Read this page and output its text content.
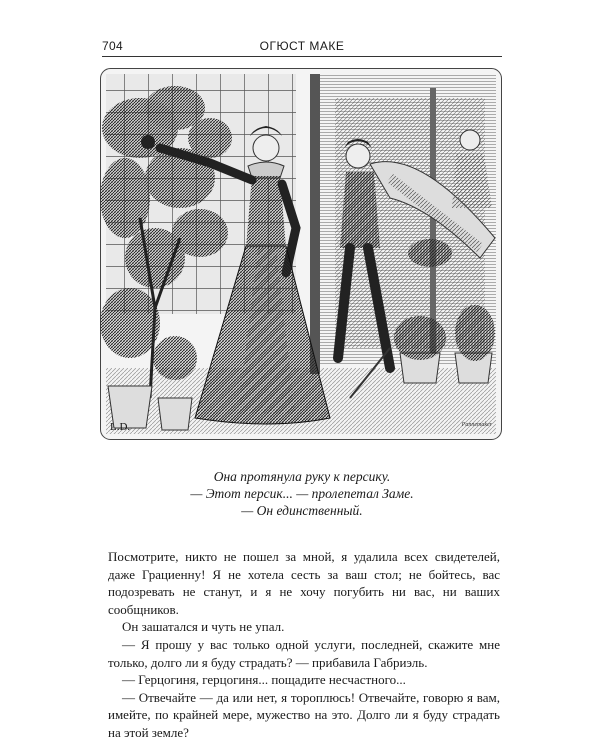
704	ОГЮСТ МАКЕ
L.D.	Pannemaker
Она протянула руку к персику.
— Этот персик... — пролепетал Заме.
— Он единственный.

Посмотрите, никто не пошел за мной, я удалила всех свидетелей, даже Грациенну! Я не хотела сесть за ваш стол; не бойтесь, вас подозревать не станут, и я не хочу погубить ни вас, ни ваших сообщников.

Он зашатался и чуть не упал.

— Я прошу у вас только одной услуги, последней, скажите мне только, долго ли я буду страдать? — прибавила Габриэль.

— Герцогиня, герцогиня... пощадите несчастного...

— Отвечайте — да или нет, я тороплюсь! Отвечайте, говорю я вам, имейте, по крайней мере, мужество на это. Долго ли я буду страдать на этой земле?
